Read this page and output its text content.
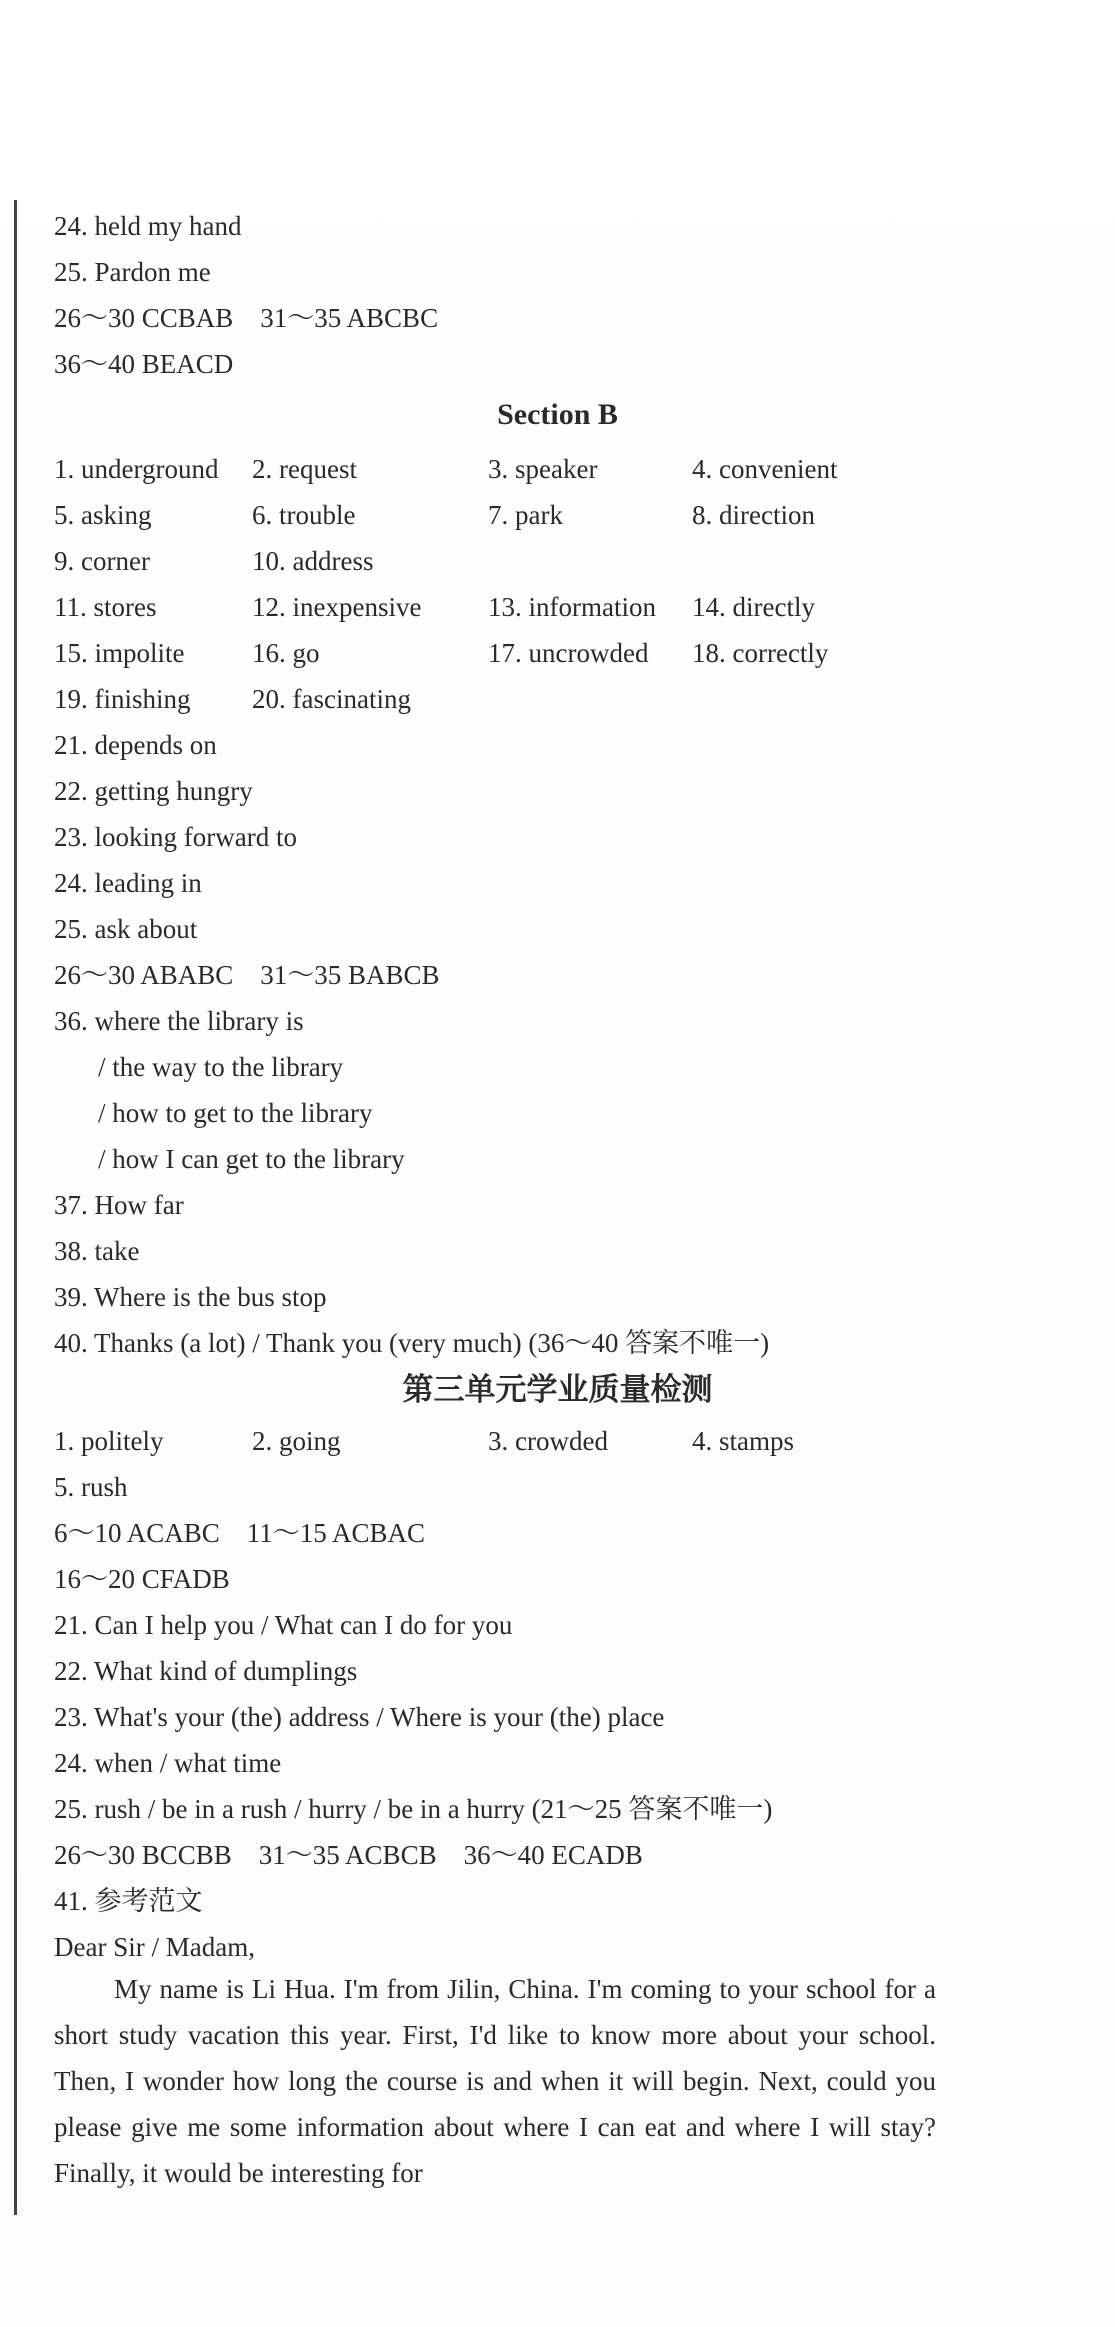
24. held my hand
25. Pardon me
26～30 CCBAB　31～35 ABCBC
36～40 BEACD
Section B
1. underground 2. request	3. speaker	4. convenient
5. asking	6. trouble	7. park	8. direction
9. corner	10. address
11. stores	12. inexpensive 13. information 14. directly
15. impolite	16. go	17. uncrowded 18. correctly
19. finishing 20. fascinating
21. depends on
22. getting hungry
23. looking forward to
24. leading in
25. ask about
26～30 ABABC　31～35 BABCB
36. where the library is
/ the way to the library
/ how to get to the library
/ how I can get to the library
37. How far
38. take
39. Where is the bus stop
40. Thanks (a lot) / Thank you (very much) (36～40 答案不唯一)
第三单元学业质量检测
1. politely	2. going	3. crowded	4. stamps
5. rush
6～10 ACABC　11～15 ACBAC
16～20 CFADB
21. Can I help you / What can I do for you
22. What kind of dumplings
23. What's your (the) address / Where is your (the) place
24. when / what time
25. rush / be in a rush / hurry / be in a hurry (21～25 答案不唯一)
26～30 BCCBB　31～35 ACBCB　36～40 ECADB
41. 参考范文
Dear Sir / Madam,
My name is Li Hua. I'm from Jilin, China. I'm coming to your school for a short study vacation this year. First, I'd like to know more about your school. Then, I wonder how long the course is and when it will begin. Next, could you please give me some information about where I can eat and where I will stay? Finally, it would be interesting for
